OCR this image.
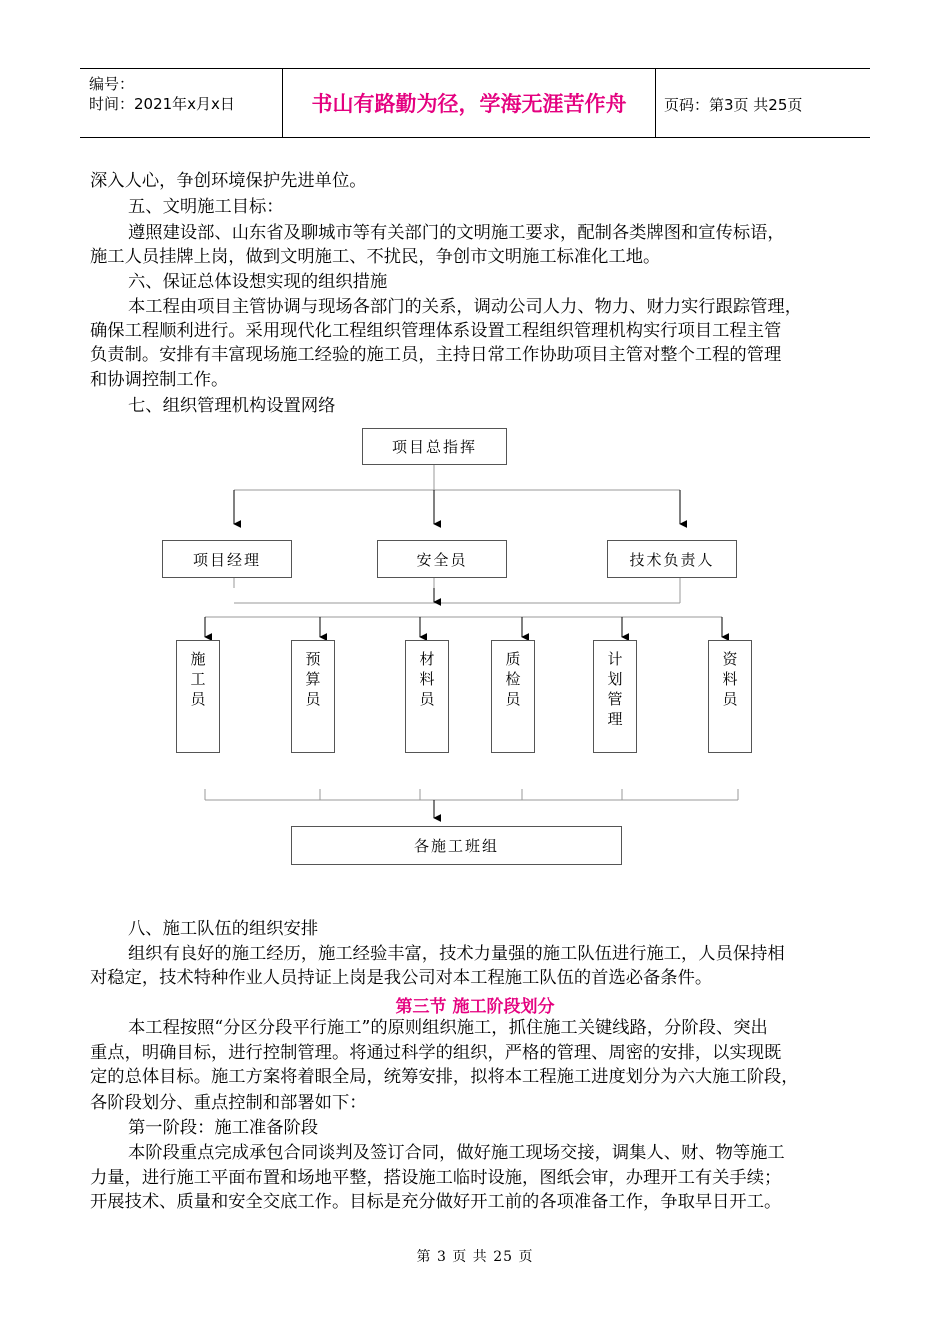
编号：
时间：2021年x月x日	书山有路勤为径，学海无涯苦作舟	页码：第3页 共25页
深入人心，争创环境保护先进单位。
五、文明施工目标：
遵照建设部、山东省及聊城市等有关部门的文明施工要求，配制各类牌图和宣传标语，
施工人员挂牌上岗，做到文明施工、不扰民，争创市文明施工标准化工地。
六、保证总体设想实现的组织措施
本工程由项目主管协调与现场各部门的关系，调动公司人力、物力、财力实行跟踪管理，
确保工程顺利进行。采用现代化工程组织管理体系设置工程组织管理机构实行项目工程主管
负责制。安排有丰富现场施工经验的施工员，主持日常工作协助项目主管对整个工程的管理
和协调控制工作。
七、组织管理机构设置网络
项目总指挥
项目经理	安全员	技术负责人
施工员
预算员
材料员
质检员
计划管理
资料员
各施工班组
八、施工队伍的组织安排
组织有良好的施工经历，施工经验丰富，技术力量强的施工队伍进行施工，人员保持相
对稳定，技术特种作业人员持证上岗是我公司对本工程施工队伍的首选必备条件。
第三节 施工阶段划分
本工程按照“分区分段平行施工”的原则组织施工，抓住施工关键线路，分阶段、突出
重点，明确目标，进行控制管理。将通过科学的组织，严格的管理、周密的安排，以实现既
定的总体目标。施工方案将着眼全局，统筹安排，拟将本工程施工进度划分为六大施工阶段，
各阶段划分、重点控制和部署如下：
第一阶段：施工准备阶段
本阶段重点完成承包合同谈判及签订合同，做好施工现场交接，调集人、财、物等施工
力量，进行施工平面布置和场地平整，搭设施工临时设施，图纸会审，办理开工有关手续；
开展技术、质量和安全交底工作。目标是充分做好开工前的各项准备工作，争取早日开工。
第 3 页 共 25 页
